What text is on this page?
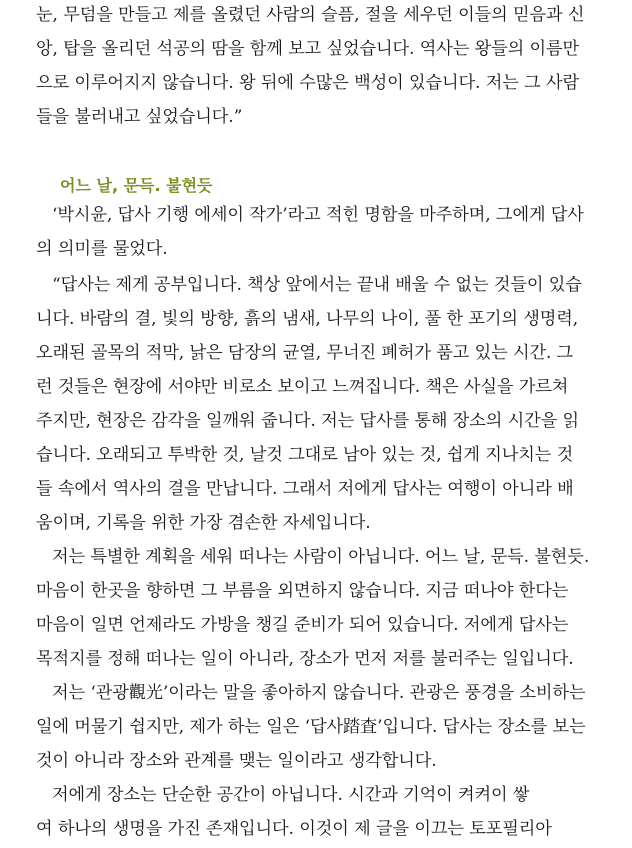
눈, 무덤을 만들고 제를 올렸던 사람의 슬픔, 절을 세우던 이들의 믿음과 신
앙, 탑을 올리던 석공의 땀을 함께 보고 싶었습니다. 역사는 왕들의 이름만
으로 이루어지지 않습니다. 왕 뒤에 수많은 백성이 있습니다. 저는 그 사람
들을 불러내고 싶었습니다.”
어느 날, 문득. 불현듯
‘박시윤, 답사 기행 에세이 작가’라고 적힌 명함을 마주하며, 그에게 답사
의 의미를 물었다.
“답사는 제게 공부입니다. 책상 앞에서는 끝내 배울 수 없는 것들이 있습
니다. 바람의 결, 빛의 방향, 흙의 냄새, 나무의 나이, 풀 한 포기의 생명력,
오래된 골목의 적막, 낡은 담장의 균열, 무너진 폐허가 품고 있는 시간. 그
런 것들은 현장에 서야만 비로소 보이고 느껴집니다. 책은 사실을 가르쳐
주지만, 현장은 감각을 일깨워 줍니다. 저는 답사를 통해 장소의 시간을 읽
습니다. 오래되고 투박한 것, 날것 그대로 남아 있는 것, 쉽게 지나치는 것
들 속에서 역사의 결을 만납니다. 그래서 저에게 답사는 여행이 아니라 배
움이며, 기록을 위한 가장 겸손한 자세입니다.
저는 특별한 계획을 세워 떠나는 사람이 아닙니다. 어느 날, 문득. 불현듯.
마음이 한곳을 향하면 그 부름을 외면하지 않습니다. 지금 떠나야 한다는
마음이 일면 언제라도 가방을 챙길 준비가 되어 있습니다. 저에게 답사는
목적지를 정해 떠나는 일이 아니라, 장소가 먼저 저를 불러주는 일입니다.
저는 ‘관광觀光’이라는 말을 좋아하지 않습니다. 관광은 풍경을 소비하는
일에 머물기 쉽지만, 제가 하는 일은 ‘답사踏査’입니다. 답사는 장소를 보는
것이 아니라 장소와 관계를 맺는 일이라고 생각합니다.
저에게 장소는 단순한 공간이 아닙니다. 시간과 기억이 켜켜이 쌓
여 하나의 생명을 가진 존재입니다. 이것이 제 글을 이끄는 토포필리아
